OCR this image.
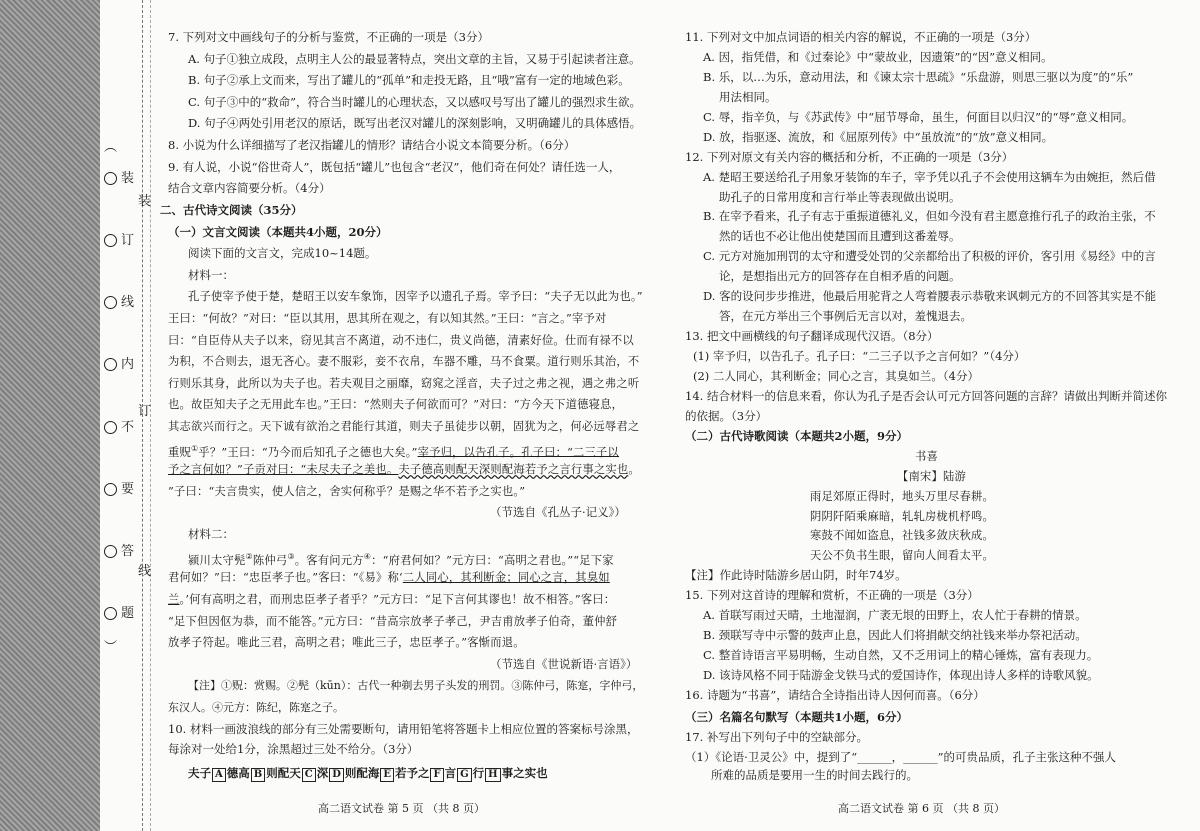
︵
装
订
线
内
不
要
答
题
︶
装
订
线
7. 下列对文中画线句子的分析与鉴赏，不正确的一项是（3分）
A. 句子①独立成段，点明主人公的最显著特点，突出文章的主旨，又易于引起读者注意。
B. 句子②承上文而来，写出了罐儿的“孤单”和走投无路，且“哦”富有一定的地域色彩。
C. 句子③中的“救命”，符合当时罐儿的心理状态，又以感叹号写出了罐儿的强烈求生欲。
D. 句子④两处引用老汉的原话，既写出老汉对罐儿的深刻影响，又明确罐儿的具体感悟。
8. 小说为什么详细描写了老汉指罐儿的情形？请结合小说文本简要分析。（6分）
9. 有人说，小说“俗世奇人”，既包括“罐儿”也包含“老汉”，他们奇在何处？请任选一人，
结合文章内容简要分析。（4分）
二、古代诗文阅读（35分）
（一）文言文阅读（本题共4小题，20分）
阅读下面的文言文，完成10~14题。
材料一：
孔子使宰予使于楚，楚昭王以安车象饰，因宰予以遗孔子焉。宰予曰：“夫子无以此为也。”
王曰：“何故？”对曰：“臣以其用，思其所在观之，有以知其然。”王曰：“言之。”宰予对
曰：“自臣侍从夫子以来，窃见其言不离道，动不违仁，贵义尚德，清素好俭。仕而有禄不以
为积，不合则去，退无吝心。妻不服彩，妾不衣帛，车器不雕，马不食粟。道行则乐其治，不
行则乐其身，此所以为夫子也。若夫观目之丽靡，窈窕之淫音，夫子过之弗之视，遇之弗之听
也。故臣知夫子之无用此车也。”王曰：“然则夫子何欲而可？”对曰：“方今天下道德寝息，
其志欲兴而行之。天下诚有欲治之君能行其道，则夫子虽徒步以朝，固犹为之，何必远辱君之
重贶①乎？”王曰：“乃今而后知孔子之德也大矣。”宰予归，以告孔子。孔子曰：“二三子以
予之言何如？”子贡对曰：“未尽夫子之美也。夫子德高则配天深则配海若予之言行事之实也。
”子曰：“夫言贵实，使人信之，舍实何称乎？是赐之华不若予之实也。”
（节选自《孔丛子·记义》）
材料二：
颍川太守髡②陈仲弓③。客有问元方④：“府君何如？”元方曰：“高明之君也。”“足下家
君何如？”曰：“忠臣孝子也。”客曰：“《易》称‘二人同心，其利断金；同心之言，其臭如
兰。’何有高明之君，而刑忠臣孝子者乎？”元方曰：“足下言何其谬也！故不相答。”客曰：
“足下但因伛为恭，而不能答。”元方曰：“昔高宗放孝子孝己，尹吉甫放孝子伯奇，董仲舒
放孝子符起。唯此三君，高明之君；唯此三子，忠臣孝子。”客惭而退。
（节选自《世说新语·言语》）
【注】①贶：赏赐。②髡（kūn）：古代一种剃去男子头发的刑罚。③陈仲弓，陈寔，字仲弓，
东汉人。④元方：陈纪，陈寔之子。
10. 材料一画波浪线的部分有三处需要断句，请用铅笔将答题卡上相应位置的答案标号涂黑，
每涂对一处给1分，涂黑超过三处不给分。（3分）
夫子 A 德高 B 则配天 C 深 D 则配海 E 若予之 F 言 G 行 H 事之实也
11. 下列对文中加点词语的相关内容的解说，不正确的一项是（3分）
A. 因，指凭借，和《过秦论》中“蒙故业，因遗策”的“因”意义相同。
B. 乐，以…为乐，意动用法，和《谏太宗十思疏》“乐盘游，则思三驱以为度”的“乐”
用法相同。
C. 辱，指辛负，与《苏武传》中“屈节辱命，虽生，何面目以归汉”的“辱”意义相同。
D. 放，指驱逐、流放，和《屈原列传》中“虽放流”的“放”意义相同。
12. 下列对原文有关内容的概括和分析，不正确的一项是（3分）
A. 楚昭王要送给孔子用象牙装饰的车子，宰予凭以孔子不会使用这辆车为由婉拒，然后借
助孔子的日常用度和言行举止等表现做出说明。
B. 在宰予看来，孔子有志于重振道德礼义，但如今没有君主愿意推行孔子的政治主张，不
然的话也不必让他出使楚国而且遭到这番羞辱。
C. 元方对施加刑罚的太守和遭受处罚的父亲都给出了积极的评价，客引用《易经》中的言
论，是想指出元方的回答存在自相矛盾的问题。
D. 客的设问步步推进，他最后用驼背之人弯着腰表示恭敬来讽刺元方的不回答其实是不能
答，在元方举出三个事例后无言以对，羞愧退去。
13. 把文中画横线的句子翻译成现代汉语。（8分）
(1) 宰予归，以告孔子。孔子曰：“二三子以予之言何如？”（4分）
(2) 二人同心，其利断金；同心之言，其臭如兰。（4分）
14. 结合材料一的信息来看，你认为孔子是否会认可元方回答问题的言辞？请做出判断并简述你
的依据。（3分）
（二）古代诗歌阅读（本题共2小题，9分）
书喜
【南宋】陆游
雨足郊原正得时，地头万里尽春耕。
阴阴阡陌乘麻暗，轧轧房栊机杼鸣。
寒鼓不闻如盗息，社钱多敛庆秋成。
天公不负书生眼，留向人间看太平。
【注】作此诗时陆游乡居山阴，时年74岁。
15. 下列对这首诗的理解和赏析，不正确的一项是（3分）
A. 首联写雨过天晴，土地湿润，广袤无垠的田野上，农人忙于春耕的情景。
B. 颈联写寺中示警的鼓声止息，因此人们将捐献交纳社钱来举办祭祀活动。
C. 整首诗语言平易明畅，生动自然，又不乏用词上的精心锤炼，富有表现力。
D. 该诗风格不同于陆游金戈铁马式的爱国诗作，体现出诗人多样的诗歌风貌。
16. 诗题为“书喜”，请结合全诗指出诗人因何而喜。（6分）
（三）名篇名句默写（本题共1小题，6分）
17. 补写出下列句子中的空缺部分。
（1）《论语·卫灵公》中，提到了“______，______”的可贵品质，孔子主张这种不强人
所难的品质是要用一生的时间去践行的。
高二语文试卷 第 5 页 （共 8 页）	高二语文试卷 第 6 页 （共 8 页）
